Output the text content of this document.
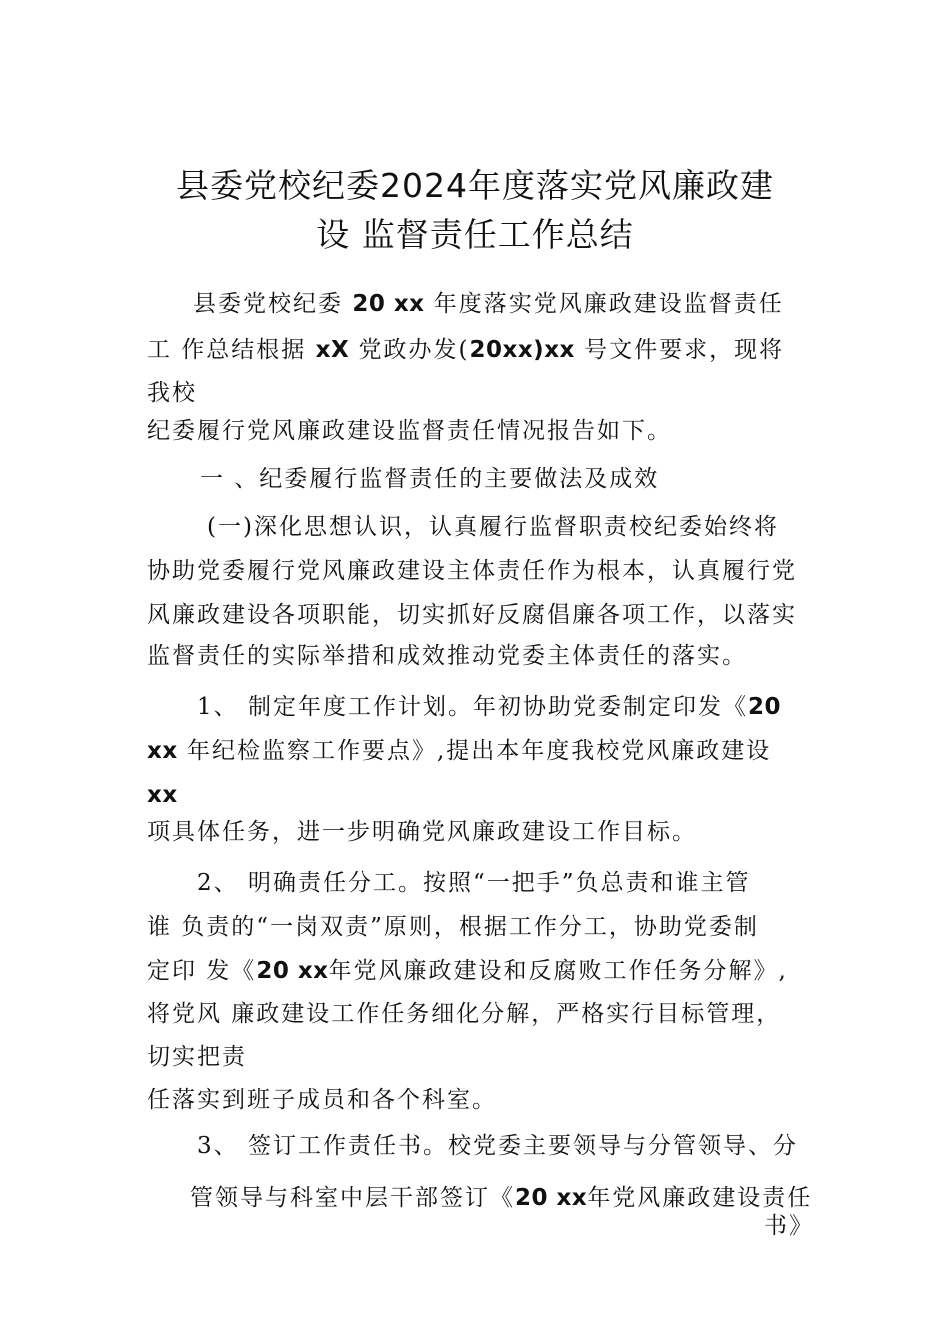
县委党校纪委2024年度落实党风廉政建
设 监督责任工作总结
县委党校纪委 20 xx 年度落实党风廉政建设监督责任
工 作总结根据 xX 党政办发(20xx)xx 号文件要求，现将
我校
纪委履行党风廉政建设监督责任情况报告如下。
一 、纪委履行监督责任的主要做法及成效
(一)深化思想认识，认真履行监督职责校纪委始终将
协助党委履行党风廉政建设主体责任作为根本，认真履行党
风廉政建设各项职能，切实抓好反腐倡廉各项工作，以落实
监督责任的实际举措和成效推动党委主体责任的落实。
1、 制定年度工作计划。年初协助党委制定印发《20
xx 年纪检监察工作要点》,提出本年度我校党风廉政建设
xx
项具体任务，进一步明确党风廉政建设工作目标。
2、 明确责任分工。按照“一把手”负总责和谁主管
谁 负责的“一岗双责”原则，根据工作分工，协助党委制
定印 发《20 xx年党风廉政建设和反腐败工作任务分解》,
将党风 廉政建设工作任务细化分解，严格实行目标管理，
切实把责
任落实到班子成员和各个科室。
3、 签订工作责任书。校党委主要领导与分管领导、分
管领导与科室中层干部签订《20 xx年党风廉政建设责任
书》
